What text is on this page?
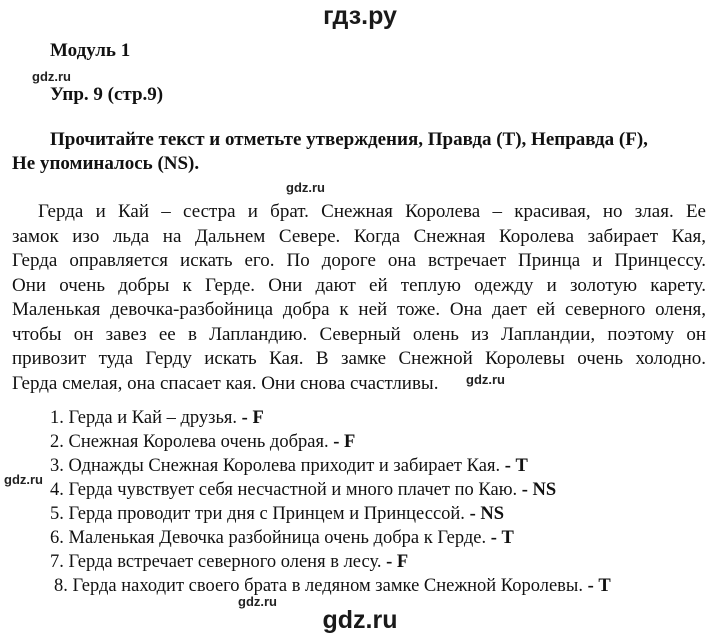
гдз.ру
Модуль 1
gdz.ru
Упр. 9 (стр.9)
Прочитайте текст и отметьте утверждения, Правда (T), Неправда (F),
Не упоминалось (NS).
gdz.ru
Герда и Кай – сестра и брат. Снежная Королева – красивая, но злая. Ее
замок изо льда на Дальнем Севере. Когда Снежная Королева забирает Кая,
Герда оправляется искать его. По дороге она встречает Принца и Принцессу.
Они очень добры к Герде. Они дают ей теплую одежду и золотую карету.
Маленькая девочка-разбойница добра к ней тоже. Она дает ей северного оленя,
чтобы он завез ее в Лапландию. Северный олень из Лапландии, поэтому он
привозит туда Герду искать Кая. В замке Снежной Королевы очень холодно.
Герда смелая, она спасает кая. Они снова счастливы.	gdz.ru
1. Герда и Кай – друзья. - F
2. Снежная Королева очень добрая. - F
3. Однажды Снежная Королева приходит и забирает Кая. - T
4. Герда чувствует себя несчастной и много плачет по Каю. - NS
5. Герда проводит три дня с Принцем и Принцессой. - NS
6. Маленькая Девочка разбойница очень добра к Герде. - T
7. Герда встречает северного оленя в лесу. - F
8. Герда находит своего брата в ледяном замке Снежной Королевы. - T
gdz.ru
gdz.ru
gdz.ru
